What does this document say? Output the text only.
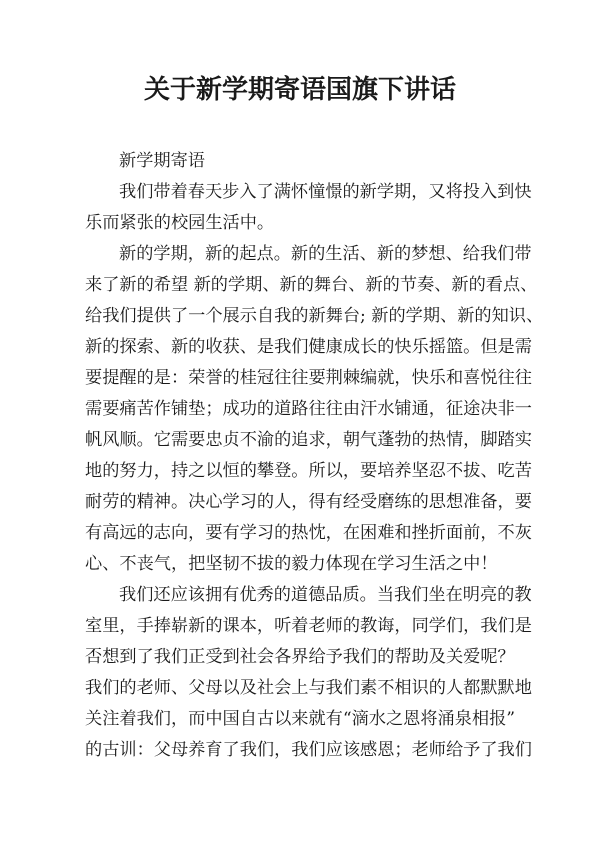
关于新学期寄语国旗下讲话
新学期寄语
我们带着春天步入了满怀憧憬的新学期，又将投入到快
乐而紧张的校园生活中。
新的学期，新的起点。新的生活、新的梦想、给我们带
来了新的希望 新的学期、新的舞台、新的节奏、新的看点、
给我们提供了一个展示自我的新舞台; 新的学期、新的知识、
新的探索、新的收获、是我们健康成长的快乐摇篮。但是需
要提醒的是：荣誉的桂冠往往要荆棘编就，快乐和喜悦往往
需要痛苦作铺垫；成功的道路往往由汗水铺通，征途决非一
帆风顺。它需要忠贞不渝的追求，朝气蓬勃的热情，脚踏实
地的努力，持之以恒的攀登。所以，要培养坚忍不拔、吃苦
耐劳的精神。决心学习的人，得有经受磨练的思想准备，要
有高远的志向，要有学习的热忱，在困难和挫折面前，不灰
心、不丧气，把坚韧不拔的毅力体现在学习生活之中！
我们还应该拥有优秀的道德品质。当我们坐在明亮的教
室里，手捧崭新的课本，听着老师的教诲，同学们，我们是
否想到了我们正受到社会各界给予我们的帮助及关爱呢？
我们的老师、父母以及社会上与我们素不相识的人都默默地
关注着我们，而中国自古以来就有“滴水之恩将涌泉相报”
的古训：父母养育了我们，我们应该感恩；老师给予了我们
